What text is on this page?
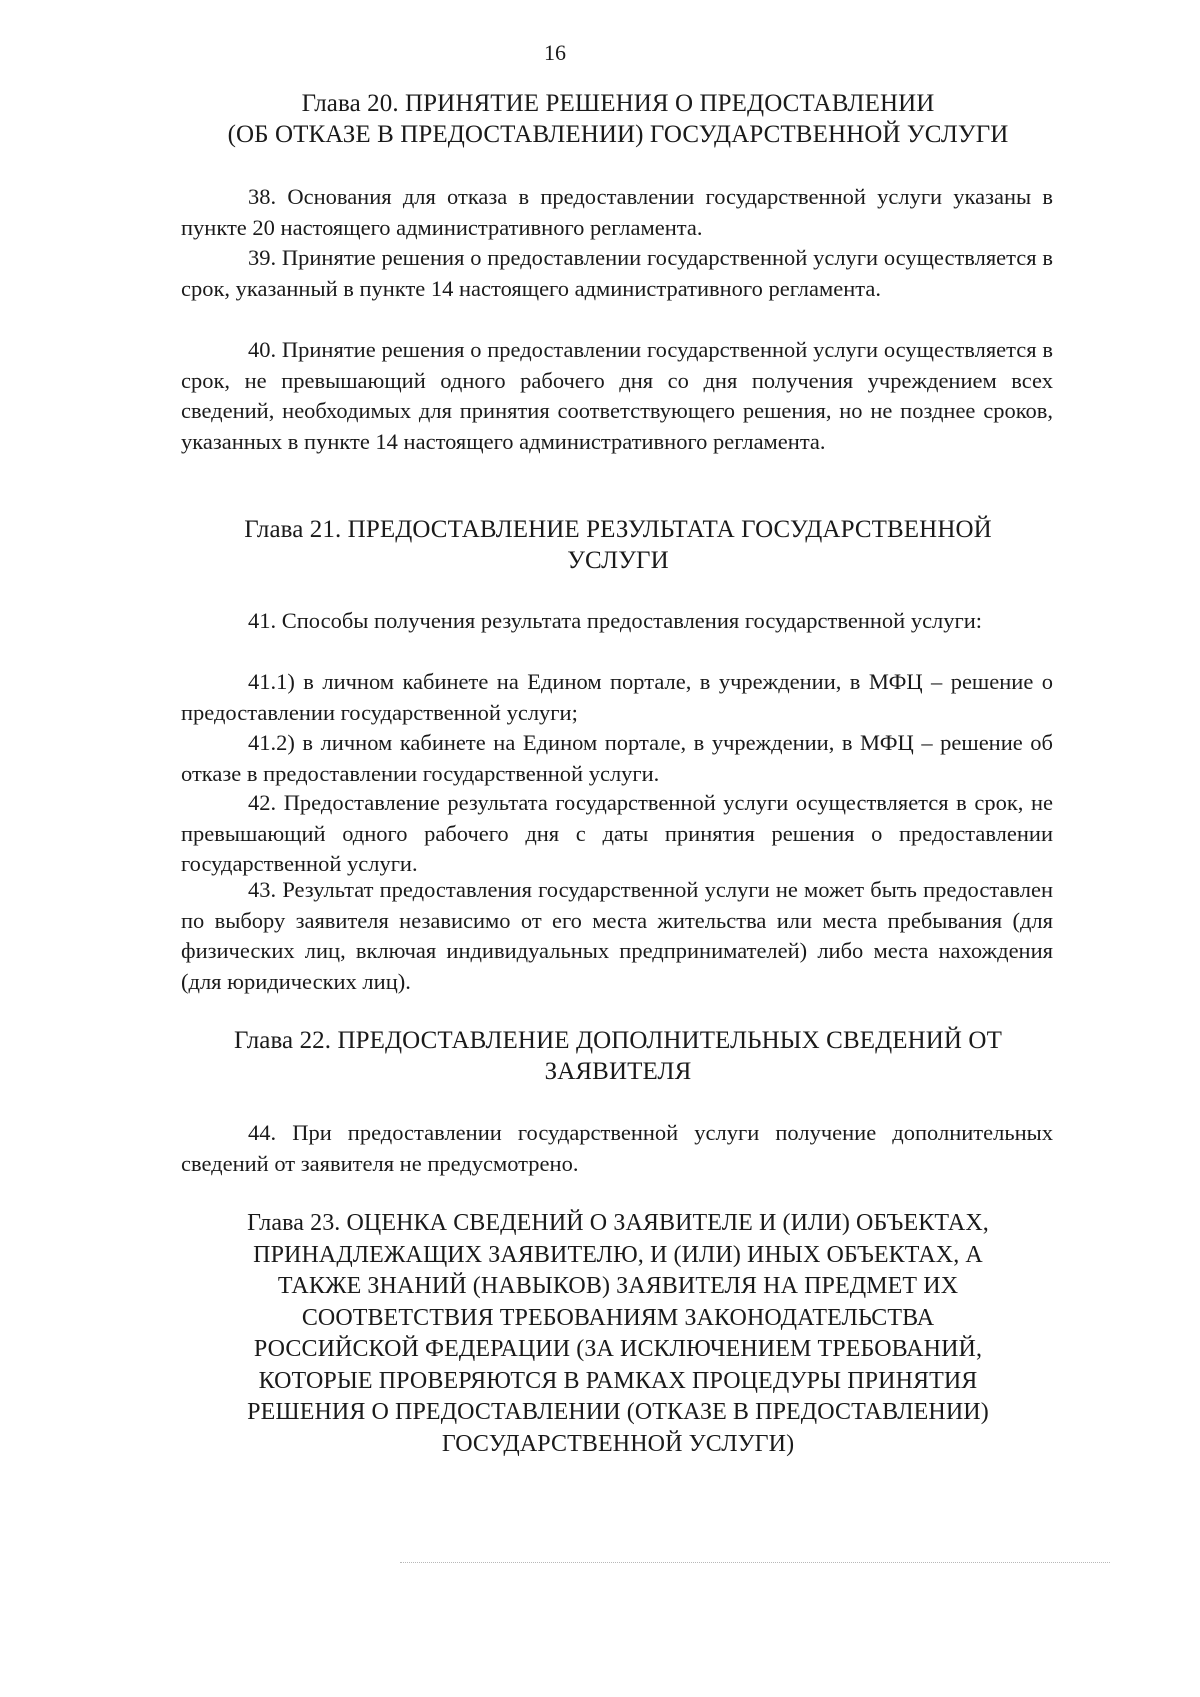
16
Глава 20. ПРИНЯТИЕ РЕШЕНИЯ О ПРЕДОСТАВЛЕНИИ
(ОБ ОТКАЗЕ В ПРЕДОСТАВЛЕНИИ) ГОСУДАРСТВЕННОЙ УСЛУГИ
38. Основания для отказа в предоставлении государственной услуги указаны в пункте 20 настоящего административного регламента.
39. Принятие решения о предоставлении государственной услуги осуществляется в срок, указанный в пункте 14 настоящего административного регламента.
40. Принятие решения о предоставлении государственной услуги осуществляется в срок, не превышающий одного рабочего дня со дня получения учреждением всех сведений, необходимых для принятия соответствующего решения, но не позднее сроков, указанных в пункте 14 настоящего административного регламента.
Глава 21. ПРЕДОСТАВЛЕНИЕ РЕЗУЛЬТАТА ГОСУДАРСТВЕННОЙ
УСЛУГИ
41. Способы получения результата предоставления государственной услуги:
41.1) в личном кабинете на Едином портале, в учреждении, в МФЦ – решение о предоставлении государственной услуги;
41.2) в личном кабинете на Едином портале, в учреждении, в МФЦ – решение об отказе в предоставлении государственной услуги.
42. Предоставление результата государственной услуги осуществляется в срок, не превышающий одного рабочего дня с даты принятия решения о предоставлении государственной услуги.
43. Результат предоставления государственной услуги не может быть предоставлен по выбору заявителя независимо от его места жительства или места пребывания (для физических лиц, включая индивидуальных предпринимателей) либо места нахождения (для юридических лиц).
Глава 22. ПРЕДОСТАВЛЕНИЕ ДОПОЛНИТЕЛЬНЫХ СВЕДЕНИЙ ОТ
ЗАЯВИТЕЛЯ
44. При предоставлении государственной услуги получение дополнительных сведений от заявителя не предусмотрено.
Глава 23. ОЦЕНКА СВЕДЕНИЙ О ЗАЯВИТЕЛЕ И (ИЛИ) ОБЪЕКТАХ,
ПРИНАДЛЕЖАЩИХ ЗАЯВИТЕЛЮ, И (ИЛИ) ИНЫХ ОБЪЕКТАХ, А
ТАКЖЕ ЗНАНИЙ (НАВЫКОВ) ЗАЯВИТЕЛЯ НА ПРЕДМЕТ ИХ
СООТВЕТСТВИЯ ТРЕБОВАНИЯМ ЗАКОНОДАТЕЛЬСТВА
РОССИЙСКОЙ ФЕДЕРАЦИИ (ЗА ИСКЛЮЧЕНИЕМ ТРЕБОВАНИЙ,
КОТОРЫЕ ПРОВЕРЯЮТСЯ В РАМКАХ ПРОЦЕДУРЫ ПРИНЯТИЯ
РЕШЕНИЯ О ПРЕДОСТАВЛЕНИИ (ОТКАЗЕ В ПРЕДОСТАВЛЕНИИ)
ГОСУДАРСТВЕННОЙ УСЛУГИ)
